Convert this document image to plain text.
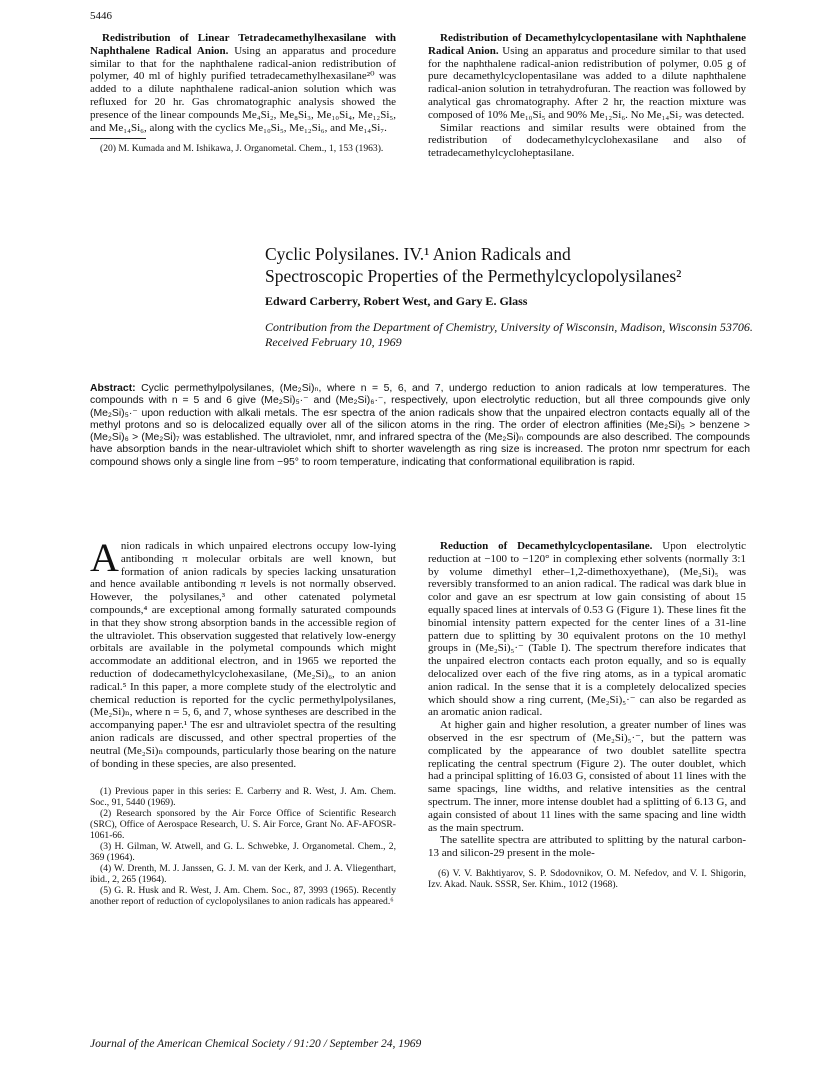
5446

Redistribution of Linear Tetradecamethylhexasilane with Naphthalene Radical Anion. Using an apparatus and procedure similar to that for the naphthalene radical-anion redistribution of polymer, 40 ml of highly purified tetradecamethylhexasilane²⁰ was added to a dilute naphthalene radical-anion solution which was refluxed for 20 hr. Gas chromatographic analysis showed the presence of the linear compounds Me₄Si₂, Me₈Si₃, Me₁₀Si₄, Me₁₂Si₅, and Me₁₄Si₆, along with the cyclics Me₁₀Si₅, Me₁₂Si₆, and Me₁₄Si₇.

(20) M. Kumada and M. Ishikawa, J. Organometal. Chem., 1, 153 (1963).

Redistribution of Decamethylcyclopentasilane with Naphthalene Radical Anion. Using an apparatus and procedure similar to that used for the naphthalene radical-anion redistribution of polymer, 0.05 g of pure decamethylcyclopentasilane was added to a dilute naphthalene radical-anion solution in tetrahydrofuran. The reaction was followed by analytical gas chromatography. After 2 hr, the reaction mixture was composed of 10% Me₁₀Si₅ and 90% Me₁₂Si₆. No Me₁₄Si₇ was detected.

Similar reactions and similar results were obtained from the redistribution of dodecamethylcyclohexasilane and also of tetradecamethylcycloheptasilane.

Cyclic Polysilanes. IV.¹ Anion Radicals and
Spectroscopic Properties of the Permethylcyclopolysilanes²
Edward Carberry, Robert West, and Gary E. Glass
Contribution from the Department of Chemistry, University of Wisconsin, Madison, Wisconsin 53706. Received February 10, 1969
Abstract: Cyclic permethylpolysilanes, (Me₂Si)ₙ, where n = 5, 6, and 7, undergo reduction to anion radicals at low temperatures. The compounds with n = 5 and 6 give (Me₂Si)₅·⁻ and (Me₂Si)₆·⁻, respectively, upon electrolytic reduction, but all three compounds give only (Me₂Si)₅·⁻ upon reduction with alkali metals. The esr spectra of the anion radicals show that the unpaired electron contacts equally all of the methyl protons and so is delocalized equally over all of the silicon atoms in the ring. The order of electron affinities (Me₂Si)₅ > benzene > (Me₂Si)₆ > (Me₂Si)₇ was established. The ultraviolet, nmr, and infrared spectra of the (Me₂Si)ₙ compounds are also described. The compounds have absorption bands in the near-ultraviolet which shift to shorter wavelength as ring size is increased. The proton nmr spectrum for each compound shows only a single line from −95° to room temperature, indicating that conformational equilibration is rapid.

A nion radicals in which unpaired electrons occupy low-lying antibonding π molecular orbitals are well known, but formation of anion radicals by species lacking unsaturation and hence available antibonding π levels is not normally observed. However, the polysilanes,³ and other catenated polymetal compounds,⁴ are exceptional among formally saturated compounds in that they show strong absorption bands in the accessible region of the ultraviolet. This observation suggested that relatively low-energy orbitals are available in the polymetal compounds which might accommodate an additional electron, and in 1965 we reported the reduction of dodecamethylcyclohexasilane, (Me₂Si)₆, to an anion radical.⁵ In this paper, a more complete study of the electrolytic and chemical reduction is reported for the cyclic permethylpolysilanes, (Me₂Si)ₙ, where n = 5, 6, and 7, whose syntheses are described in the accompanying paper.¹ The esr and ultraviolet spectra of the resulting anion radicals are discussed, and other spectral properties of the neutral (Me₂Si)ₙ compounds, particularly those bearing on the nature of bonding in these species, are also presented.

(1) Previous paper in this series: E. Carberry and R. West, J. Am. Chem. Soc., 91, 5440 (1969).

(2) Research sponsored by the Air Force Office of Scientific Research (SRC), Office of Aerospace Research, U. S. Air Force, Grant No. AF-AFOSR-1061-66.

(3) H. Gilman, W. Atwell, and G. L. Schwebke, J. Organometal. Chem., 2, 369 (1964).

(4) W. Drenth, M. J. Janssen, G. J. M. van der Kerk, and J. A. Vliegenthart, ibid., 2, 265 (1964).

(5) G. R. Husk and R. West, J. Am. Chem. Soc., 87, 3993 (1965). Recently another report of reduction of cyclopolysilanes to anion radicals has appeared.⁶

Reduction of Decamethylcyclopentasilane. Upon electrolytic reduction at −100 to −120° in complexing ether solvents (normally 3:1 by volume dimethyl ether–1,2-dimethoxyethane), (Me₂Si)₅ was reversibly transformed to an anion radical. The radical was dark blue in color and gave an esr spectrum at low gain consisting of about 15 equally spaced lines at intervals of 0.53 G (Figure 1). These lines fit the binomial intensity pattern expected for the center lines of a 31-line pattern due to splitting by 30 equivalent protons on the 10 methyl groups in (Me₂Si)₅·⁻ (Table I). The spectrum therefore indicates that the unpaired electron contacts each proton equally, and so is equally delocalized over each of the five ring atoms, as in a typical aromatic anion radical. In the sense that it is a completely delocalized species which should show a ring current, (Me₂Si)₅·⁻ can also be regarded as an aromatic anion radical.

At higher gain and higher resolution, a greater number of lines was observed in the esr spectrum of (Me₂Si)₅·⁻, but the pattern was complicated by the appearance of two doublet satellite spectra replicating the central spectrum (Figure 2). The outer doublet, which had a principal splitting of 16.03 G, consisted of about 11 lines with the same spacings, line widths, and relative intensities as the central spectrum. The inner, more intense doublet had a splitting of 6.13 G, and again consisted of about 11 lines with the same spacing and line width as the main spectrum.

The satellite spectra are attributed to splitting by the natural carbon-13 and silicon-29 present in the mole-

(6) V. V. Bakhtiyarov, S. P. Sdodovnikov, O. M. Nefedov, and V. I. Shigorin, Izv. Akad. Nauk. SSSR, Ser. Khim., 1012 (1968).

Journal of the American Chemical Society / 91:20 / September 24, 1969
